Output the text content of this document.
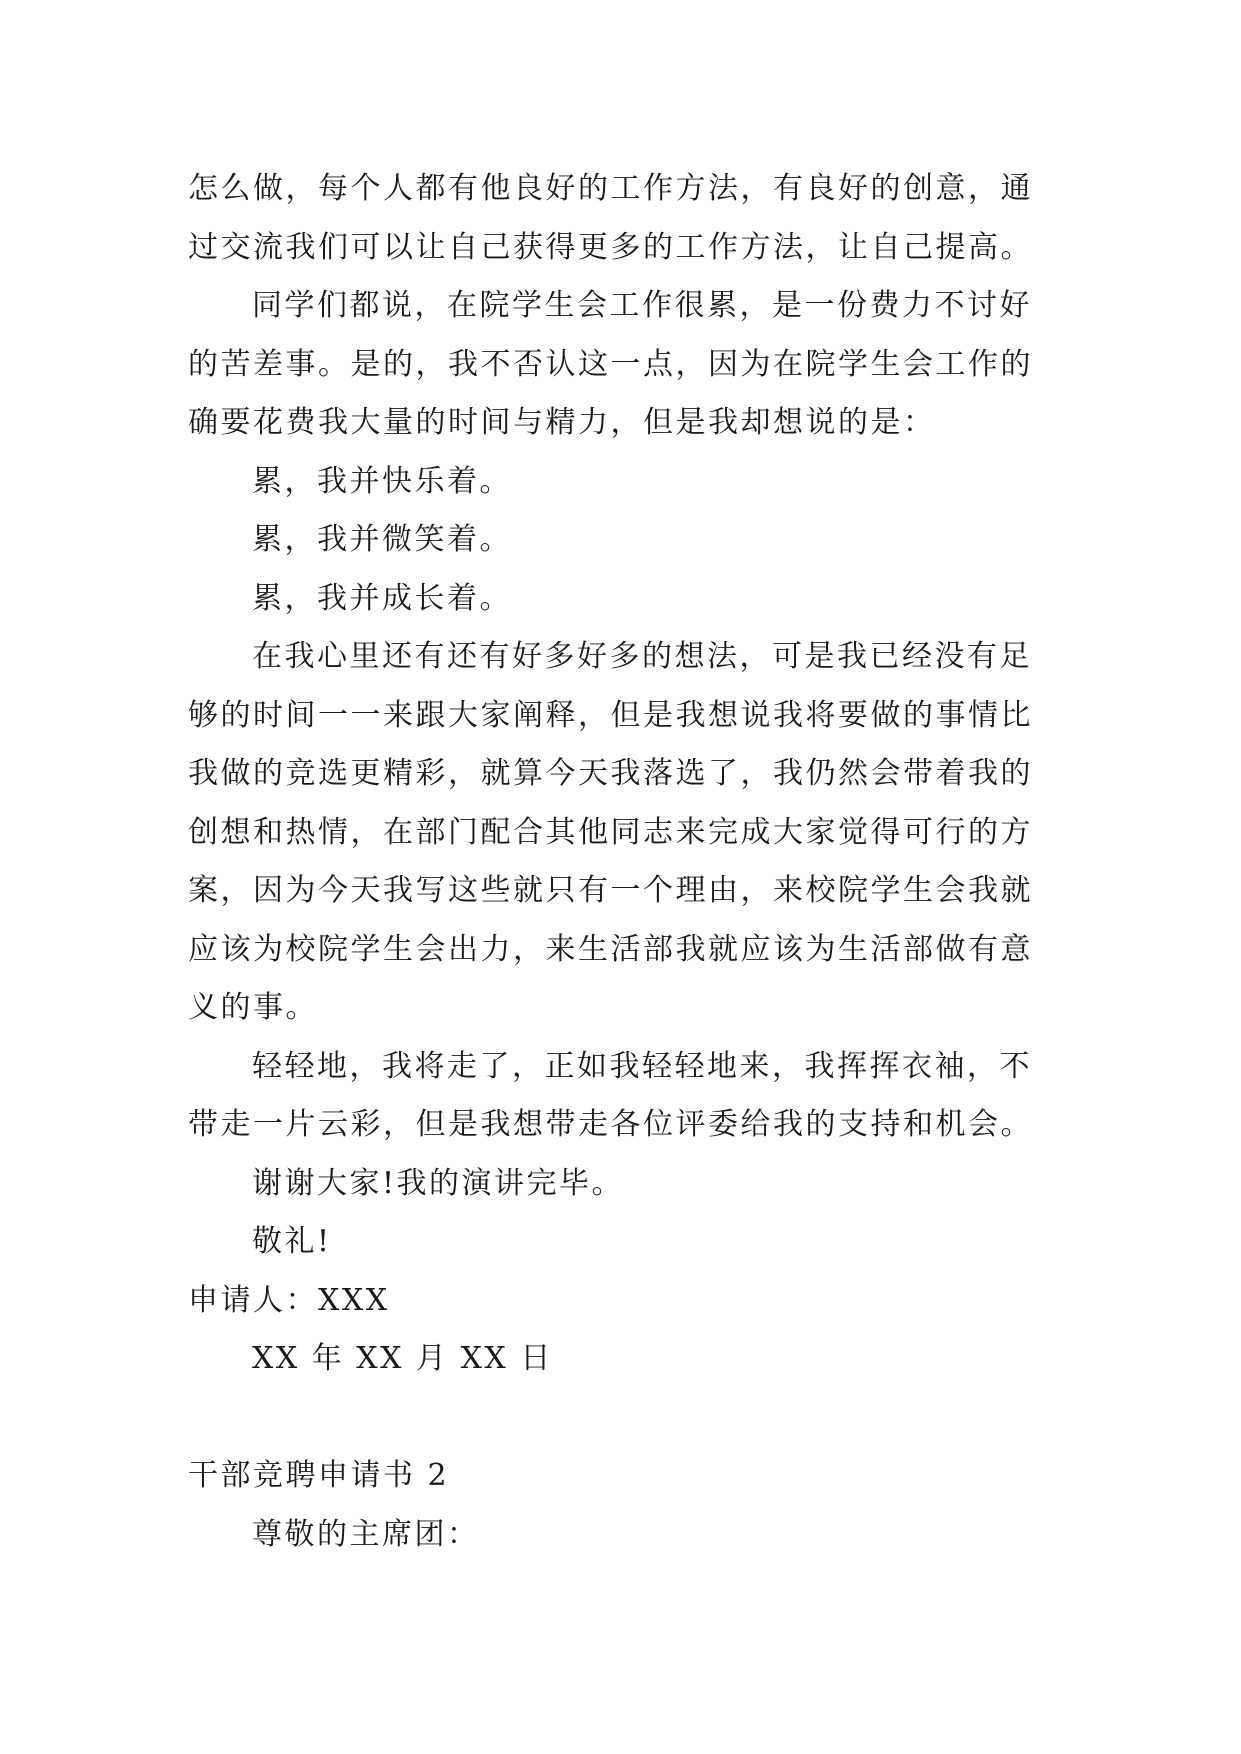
怎么做，每个人都有他良好的工作方法，有良好的创意，通
过交流我们可以让自己获得更多的工作方法，让自己提高。
同学们都说，在院学生会工作很累，是一份费力不讨好
的苦差事。是的，我不否认这一点，因为在院学生会工作的
确要花费我大量的时间与精力，但是我却想说的是：
累，我并快乐着。
累，我并微笑着。
累，我并成长着。
在我心里还有还有好多好多的想法，可是我已经没有足
够的时间一一来跟大家阐释，但是我想说我将要做的事情比
我做的竞选更精彩，就算今天我落选了，我仍然会带着我的
创想和热情，在部门配合其他同志来完成大家觉得可行的方
案，因为今天我写这些就只有一个理由，来校院学生会我就
应该为校院学生会出力，来生活部我就应该为生活部做有意
义的事。
轻轻地，我将走了，正如我轻轻地来，我挥挥衣袖，不
带走一片云彩，但是我想带走各位评委给我的支持和机会。
谢谢大家!我的演讲完毕。
敬礼!
申请人：XXX
XX 年 XX 月 XX 日
干部竞聘申请书 2
尊敬的主席团：
